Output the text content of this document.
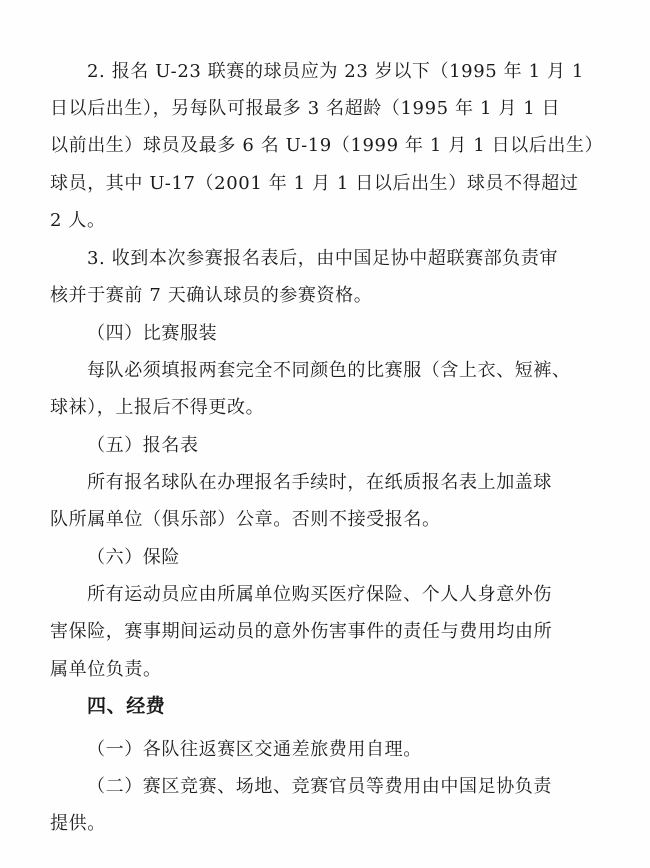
2. 报名 U-23 联赛的球员应为 23 岁以下（1995 年 1 月 1
日以后出生），另每队可报最多 3 名超龄（1995 年 1 月 1 日
以前出生）球员及最多 6 名 U-19（1999 年 1 月 1 日以后出生）
球员，其中 U-17（2001 年 1 月 1 日以后出生）球员不得超过
2 人。
3. 收到本次参赛报名表后，由中国足协中超联赛部负责审
核并于赛前 7 天确认球员的参赛资格。
（四）比赛服装
每队必须填报两套完全不同颜色的比赛服（含上衣、短裤、
球袜），上报后不得更改。
（五）报名表
所有报名球队在办理报名手续时，在纸质报名表上加盖球
队所属单位（俱乐部）公章。否则不接受报名。
（六）保险
所有运动员应由所属单位购买医疗保险、个人人身意外伤
害保险，赛事期间运动员的意外伤害事件的责任与费用均由所
属单位负责。
四、经费
（一）各队往返赛区交通差旅费用自理。
（二）赛区竞赛、场地、竞赛官员等费用由中国足协负责
提供。
